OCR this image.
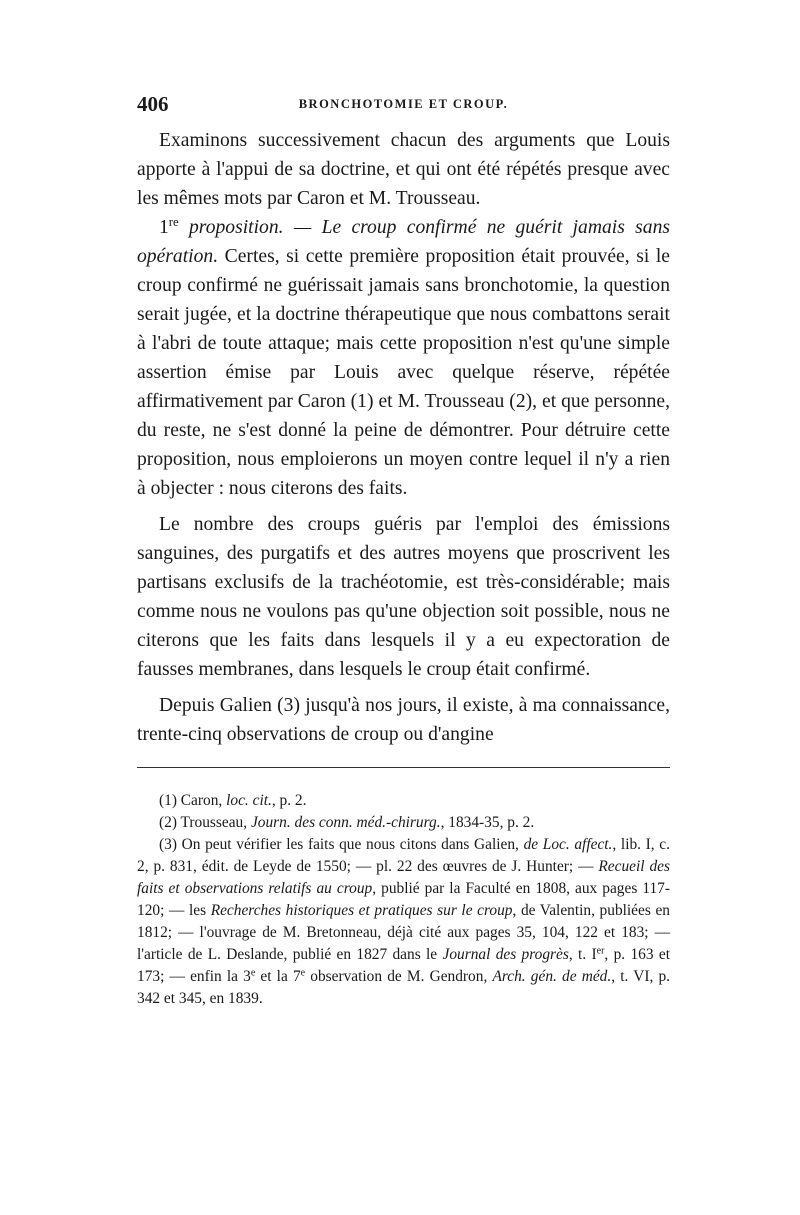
406	BRONCHOTOMIE ET CROUP.

Examinons successivement chacun des arguments que Louis apporte à l'appui de sa doctrine, et qui ont été répétés presque avec les mêmes mots par Caron et M. Trousseau.

1re proposition. — Le croup confirmé ne guérit jamais sans opération. Certes, si cette première proposition était prouvée, si le croup confirmé ne guérissait jamais sans bronchotomie, la question serait jugée, et la doctrine thérapeutique que nous combattons serait à l'abri de toute attaque; mais cette proposition n'est qu'une simple assertion émise par Louis avec quelque réserve, répétée affirmativement par Caron (1) et M. Trousseau (2), et que personne, du reste, ne s'est donné la peine de démontrer. Pour détruire cette proposition, nous emploierons un moyen contre lequel il n'y a rien à objecter : nous citerons des faits.

Le nombre des croups guéris par l'emploi des émissions sanguines, des purgatifs et des autres moyens que proscrivent les partisans exclusifs de la trachéotomie, est très-considérable; mais comme nous ne voulons pas qu'une objection soit possible, nous ne citerons que les faits dans lesquels il y a eu expectoration de fausses membranes, dans lesquels le croup était confirmé.

Depuis Galien (3) jusqu'à nos jours, il existe, à ma connaissance, trente-cinq observations de croup ou d'angine

(1) Caron, loc. cit., p. 2.

(2) Trousseau, Journ. des conn. méd.-chirurg., 1834-35, p. 2.

(3) On peut vérifier les faits que nous citons dans Galien, de Loc. affect., lib. I, c. 2, p. 831, édit. de Leyde de 1550; — pl. 22 des œuvres de J. Hunter; — Recueil des faits et observations relatifs au croup, publié par la Faculté en 1808, aux pages 117-120; — les Recherches historiques et pratiques sur le croup, de Valentin, publiées en 1812; — l'ouvrage de M. Bretonneau, déjà cité aux pages 35, 104, 122 et 183; — l'article de L. Deslande, publié en 1827 dans le Journal des progrès, t. Ier, p. 163 et 173; — enfin la 3e et la 7e observation de M. Gendron, Arch. gén. de méd., t. VI, p. 342 et 345, en 1839.
